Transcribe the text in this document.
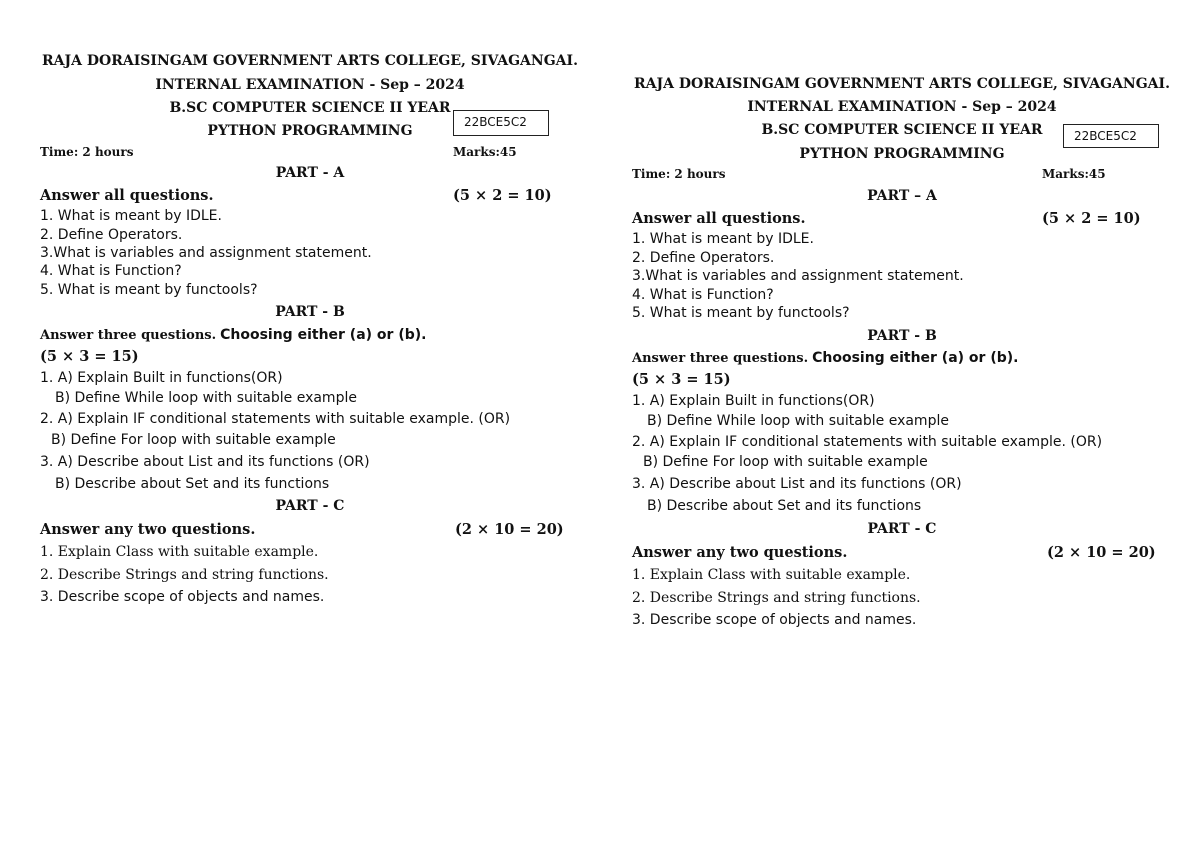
RAJA DORAISINGAM GOVERNMENT ARTS COLLEGE, SIVAGANGAI.
INTERNAL EXAMINATION - Sep – 2024
B.SC COMPUTER SCIENCE II YEAR
PYTHON PROGRAMMING
22BCE5C2
Time: 2 hours	Marks:45
PART - A
Answer all questions.	(5 × 2 = 10)
1. What is meant by IDLE.
2. Define Operators.
3.What is variables and assignment statement.
4. What is Function?
5. What is meant by functools?
PART - B
Answer three questions. Choosing either (a) or (b).
(5 × 3 = 15)
1. A) Explain Built in functions(OR)
B) Define While loop with suitable example
2. A) Explain IF conditional statements with suitable example. (OR)
B) Define For loop with suitable example
3. A) Describe about List and its functions (OR)
B) Describe about Set and its functions
PART - C
Answer any two questions.	(2 × 10 = 20)
1. Explain Class with suitable example.
2. Describe Strings and string functions.
3. Describe scope of objects and names.
RAJA DORAISINGAM GOVERNMENT ARTS COLLEGE, SIVAGANGAI.
INTERNAL EXAMINATION - Sep – 2024
B.SC COMPUTER SCIENCE II YEAR
PYTHON PROGRAMMING
22BCE5C2
Time: 2 hours	Marks:45
PART – A
Answer all questions.	(5 × 2 = 10)
1. What is meant by IDLE.
2. Define Operators.
3.What is variables and assignment statement.
4. What is Function?
5. What is meant by functools?
PART - B
Answer three questions. Choosing either (a) or (b).
(5 × 3 = 15)
1. A) Explain Built in functions(OR)
B) Define While loop with suitable example
2. A) Explain IF conditional statements with suitable example. (OR)
B) Define For loop with suitable example
3. A) Describe about List and its functions (OR)
B) Describe about Set and its functions
PART - C
Answer any two questions.	(2 × 10 = 20)
1. Explain Class with suitable example.
2. Describe Strings and string functions.
3. Describe scope of objects and names.
